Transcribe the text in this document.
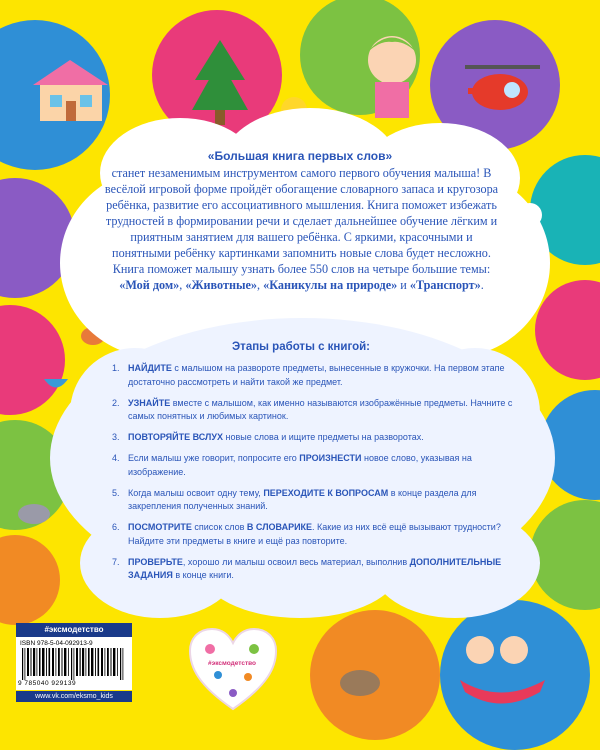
«Большая книга первых слов»
станет незаменимым инструментом самого первого обучения малыша! В весёлой игровой форме пройдёт обогащение словарного запаса и кругозора ребёнка, развитие его ассоциативного мышления. Книга поможет избежать трудностей в формировании речи и сделает дальнейшее обучение лёгким и приятным занятием для вашего ребёнка. С яркими, красочными и понятными ребёнку картинками запомнить новые слова будет несложно. Книга поможет малышу узнать более 550 слов на четыре большие темы: «Мой дом», «Животные», «Каникулы на природе» и «Транспорт».
Этапы работы с книгой:
1. НАЙДИТЕ с малышом на развороте предметы, вынесенные в кружочки. На первом этапе достаточно рассмотреть и найти такой же предмет.
2. УЗНАЙТЕ вместе с малышом, как именно называются изображённые предметы. Начните с самых понятных и любимых картинок.
3. ПОВТОРЯЙТЕ ВСЛУХ новые слова и ищите предметы на разворотах.
4. Если малыш уже говорит, попросите его ПРОИЗНЕСТИ новое слово, указывая на изображение.
5. Когда малыш освоит одну тему, ПЕРЕХОДИТЕ К ВОПРОСАМ в конце раздела для закрепления полученных знаний.
6. ПОСМОТРИТЕ список слов В СЛОВАРИКЕ. Какие из них всё ещё вызывают трудности? Найдите эти предметы в книге и ещё раз повторите.
7. ПРОВЕРЬТЕ, хорошо ли малыш освоил весь материал, выполнив ДОПОЛНИТЕЛЬНЫЕ ЗАДАНИЯ в конце книги.
#эксмодетство
ISBN 978-5-04-092913-9
9 785040 929139
www.vk.com/eksmo_kids
#эксмодетство
